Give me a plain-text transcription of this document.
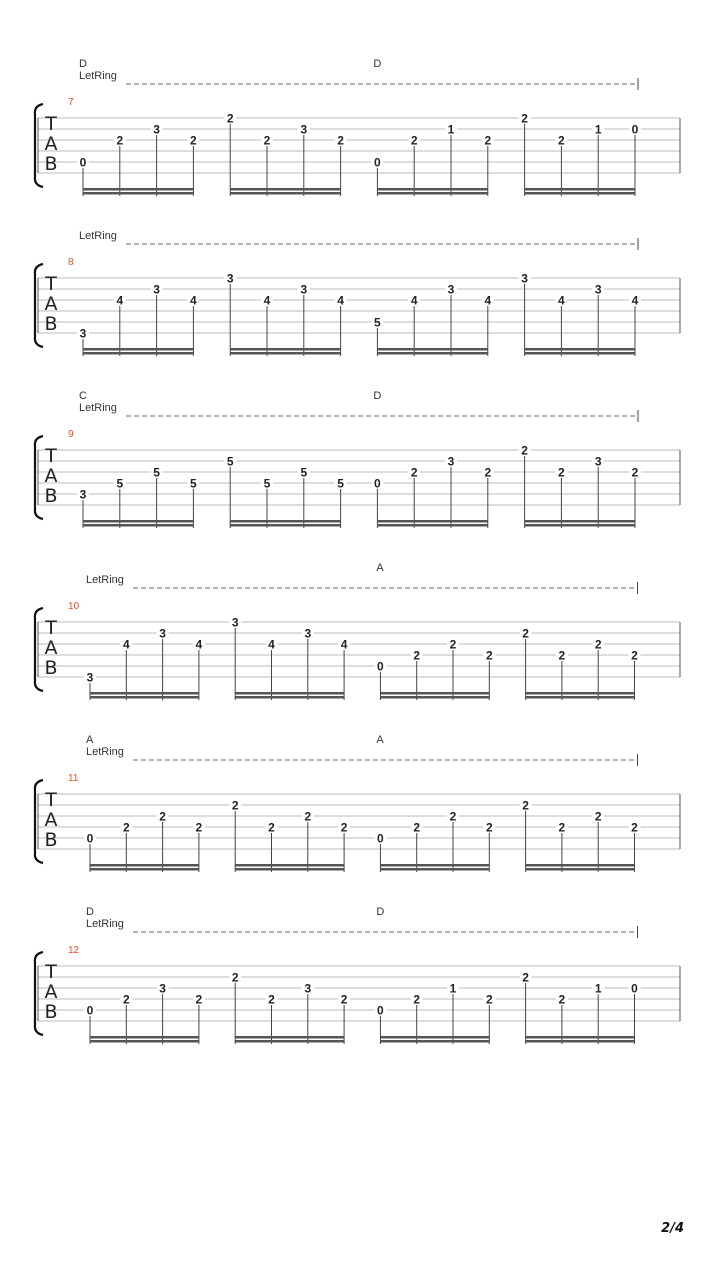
D	D
LetRing
7
T
A
B 0
2
3
2
2
2
3
2
0
2
1
2
2
2
1	0
LetRing
8
T
A
B 3
4
3
4
3
4
3
4
5
4
3
4
3
4
3
4
C	D
LetRing
9
T
A
B 3
5
5
5
5
5
5
5	0
2
3
2
2
2
3
2
A
LetRing
10
T
A
B 3
4
3
4
3
4
3
4
0
2
2
2
2
2
2
2
A	A
LetRing
11
T
A
B 0
2
2
2
2
2
2
2
0
2
2
2
2
2
2
2
D	D
LetRing
12
T
A
B 0
2
3
2
2
2
3
2
0
2
1
2
2
2
1 0
2/4
